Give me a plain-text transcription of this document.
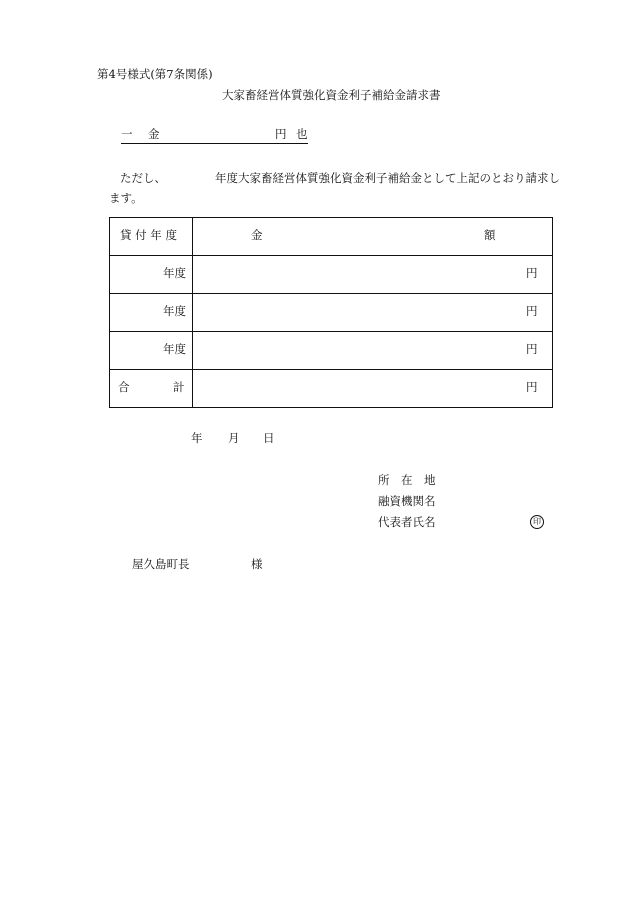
第4号様式(第7条関係)
大家畜経営体質強化資金利子補給金請求書
一 金	円 也
ただし、	年度大家畜経営体質強化資金利子補給金として上記のとおり請求し
ます。
貸 付 年 度	金 額

年度	円

年度	円

年度	円

合 計	円
年 月 日
所　在　地
融資機関名
代表者氏名	印
屋久島町長	様
